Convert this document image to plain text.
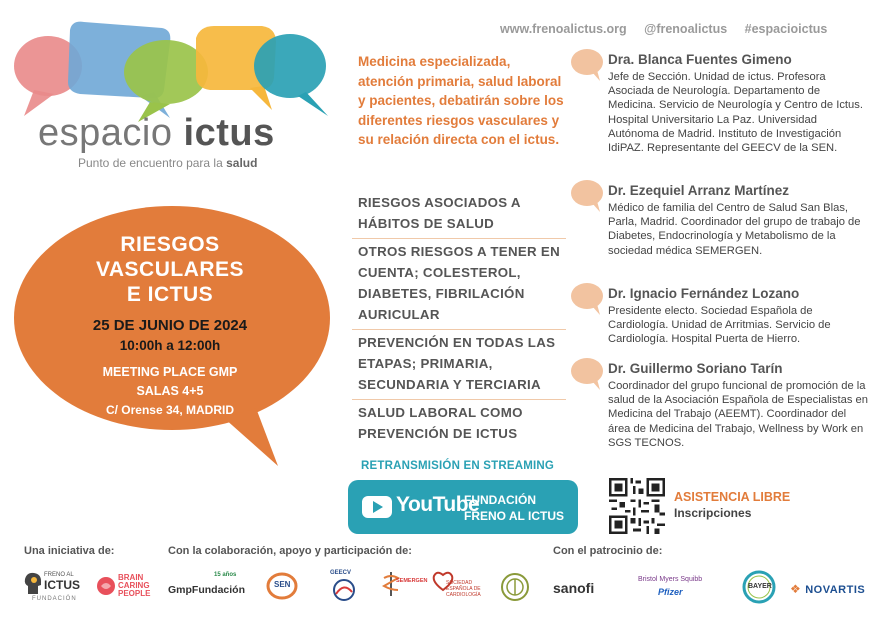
www.frenoalictus.org @frenoalictus #espacioictus
espacio ictus
Punto de encuentro para la salud
RIESGOS
VASCULARES
E ICTUS
25 DE JUNIO DE 2024
10:00h a 12:00h
MEETING PLACE GMP
SALAS 4+5
C/ Orense 34, MADRID
Medicina especializada, atención primaria, salud laboral y pacientes, debatirán sobre los diferentes riesgos vasculares y su relación directa con el ictus.
RIESGOS ASOCIADOS A HÁBITOS DE SALUD
OTROS RIESGOS A TENER EN CUENTA; COLESTEROL, DIABETES, FIBRILACIÓN AURICULAR
PREVENCIÓN EN TODAS LAS ETAPAS; PRIMARIA, SECUNDARIA Y TERCIARIA
SALUD LABORAL COMO PREVENCIÓN DE ICTUS
RETRANSMISIÓN EN STREAMING
YouTube
FUNDACIÓN
FRENO AL ICTUS
Dra. Blanca Fuentes Gimeno
Jefe de Sección. Unidad de ictus. Profesora Asociada de Neurología. Departamento de Medicina. Servicio de Neurología y Centro de Ictus. Hospital Universitario La Paz. Universidad Autónoma de Madrid. Instituto de Investigación IdiPAZ. Representante del GEECV de la SEN.
Dr. Ezequiel Arranz Martínez
Médico de familia del Centro de Salud San Blas, Parla, Madrid. Coordinador del grupo de trabajo de Diabetes, Endocrinología y Metabolismo de la sociedad médica SEMERGEN.
Dr. Ignacio Fernández Lozano
Presidente electo. Sociedad Española de Cardiología. Unidad de Arritmias. Servicio de Cardiología. Hospital Puerta de Hierro.
Dr. Guillermo Soriano Tarín
Coordinador del grupo funcional de promoción de la salud de la Asociación Española de Especialistas en Medicina del Trabajo (AEEMT). Coordinador del área de Medicina del Trabajo, Wellness by Work en SGS TECNOS.
ASISTENCIA LIBRE
Inscripciones
Una iniciativa de:	Con la colaboración, apoyo y participación de:	Con el patrocinio de:
FRENO AL
ICTUS
FUNDACIÓN
BRAIN
CARING
PEOPLE GmpFundación
15 años
SEN
GEECV
SEMERGEN	SOCIEDAD
ESPAÑOLA DE
CARDIOLOGÍA	sanofi
Bristol Myers Squibb
Pfizer
BAYER ❖ NOVARTIS
